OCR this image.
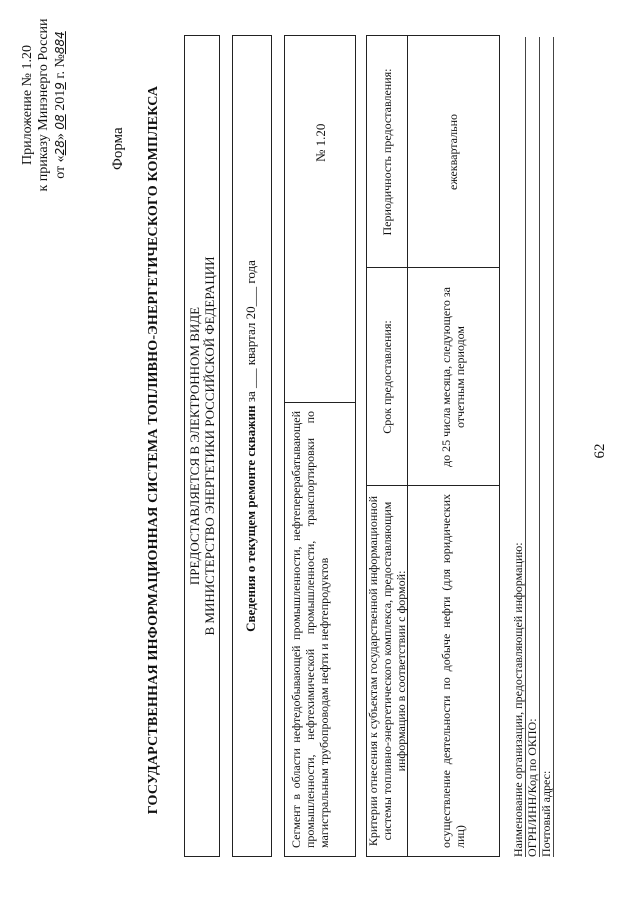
62
Приложение № 1.20 к приказу Минэнерго России от «28» 08 2019 г. №884
Форма ГОСУДАРСТВЕННАЯ ИНФОРМАЦИОННАЯ СИСТЕМА ТОПЛИВНО-ЭНЕРГЕТИЧЕСКОГО КОМПЛЕКСА ПРЕДОСТАВЛЯЕТСЯ В ЭЛЕКТРОННОМ ВИДЕ В МИНИСТЕРСТВО ЭНЕРГЕТИКИ РОССИЙСКОЙ ФЕДЕРАЦИИ Сведения о текущем ремонте скважин за ___ квартал 20___ года
Сегмент в области нефтедобывающей промышленности, нефтеперерабатывающей промышленности, нефтехимической промышленности, транспортировки по магистральным трубопроводам нефти и нефтепродуктов
№ 1.20
Критерии отнесения к субъектам государственной информационной системы топливно-энергетического комплекса, предоставляющим информацию в соответствии с формой:
Срок предоставления:
Периодичность предоставления:
осуществление деятельности по добыче нефти (для юридических лиц)
до 25 числа месяца, следующего за отчетным периодом
ежеквартально
Наименование организации, предоставляющей информацию: ОГРН/ИНН/Код по ОКПО: Почтовый адрес:
